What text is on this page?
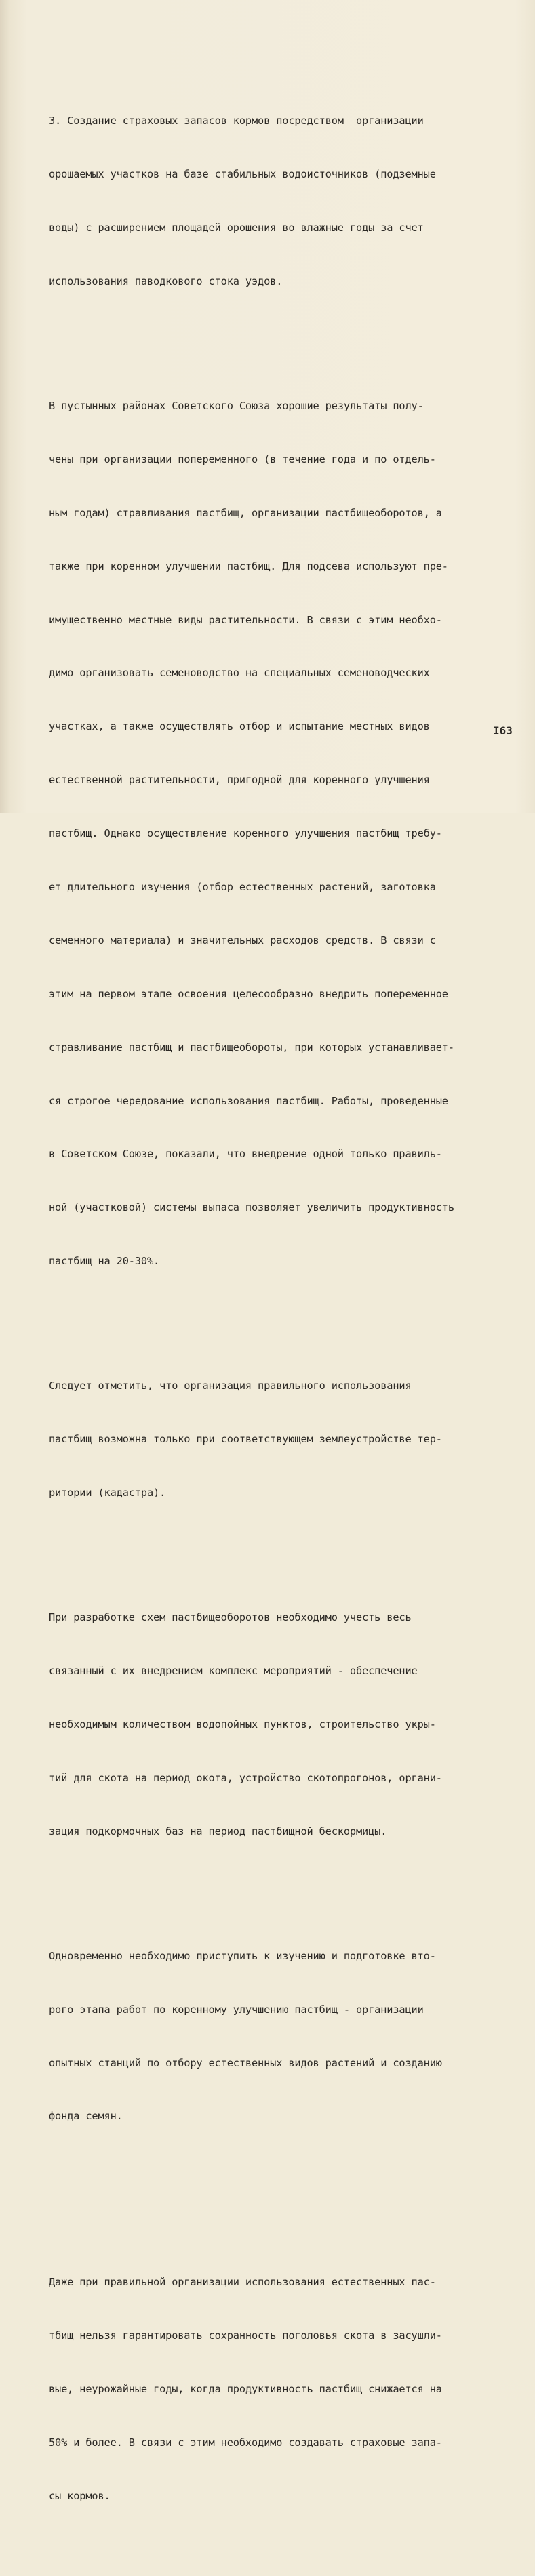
3. Создание страховых запасов кормов посредством  организации

орошаемых участков на базе стабильных водоисточников (подземные

воды) с расширением площадей орошения во влажные годы за счет

использования паводкового стока уэдов.

В пустынных районах Советского Союза хорошие результаты полу-

чены при организации попеременного (в течение года и по отдель-

ным годам) стравливания пастбищ, организации пастбищеоборотов, а

также при коренном улучшении пастбищ. Для подсева используют пре-

имущественно местные виды растительности. В связи с этим необхо-

димо организовать семеноводство на специальных семеноводческих

участках, а также осуществлять отбор и испытание местных видов

естественной растительности, пригодной для коренного улучшения

пастбищ. Однако осуществление коренного улучшения пастбищ требу-

ет длительного изучения (отбор естественных растений, заготовка

семенного материала) и значительных расходов средств. В связи с

этим на первом этапе освоения целесообразно внедрить попеременное

стравливание пастбищ и пастбищеобороты, при которых устанавливает-

ся строгое чередование использования пастбищ. Работы, проведенные

в Советском Союзе, показали, что внедрение одной только правиль-

ной (участковой) системы выпаса позволяет увеличить продуктивность

пастбищ на 20-30%.

Следует отметить, что организация правильного использования

пастбищ возможна только при соответствующем землеустройстве тер-

ритории (кадастра).

При разработке схем пастбищеоборотов необходимо учесть весь

связанный с их внедрением комплекс мероприятий - обеспечение

необходимым количеством водопойных пунктов, строительство укры-

тий для скота на период окота, устройство скотопрогонов, органи-

зация подкормочных баз на период пастбищной бескормицы.

Одновременно необходимо приступить к изучению и подготовке вто-

рого этапа работ по коренному улучшению пастбищ - организации

опытных станций по отбору естественных видов растений и созданию

фонда семян.

Даже при правильной организации использования естественных пас-

тбищ нельзя гарантировать сохранность поголовья скота в засушли-

вые, неурожайные годы, когда продуктивность пастбищ снижается на

50% и более. В связи с этим необходимо создавать страховые запа-

сы кормов.

I63
